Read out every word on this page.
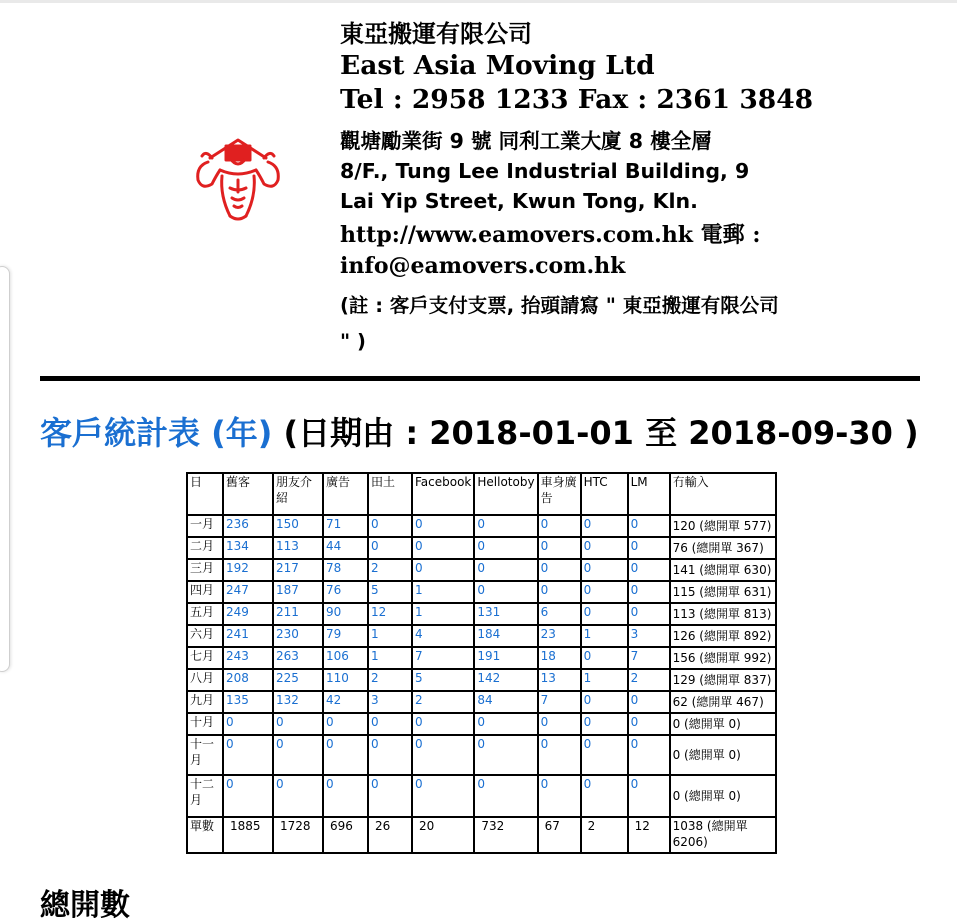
東亞搬運有限公司
East Asia Moving Ltd
Tel : 2958 1233 Fax : 2361 3848
觀塘勵業街 9 號 同利工業大廈 8 樓全層
8/F., Tung Lee Industrial Building, 9 Lai Yip Street, Kwun Tong, Kln.
http://www.eamovers.com.hk 電郵 : info@eamovers.com.hk
(註 : 客戶支付支票, 抬頭請寫 " 東亞搬運有限公司 " )
客戶統計表 (年) (日期由 : 2018-01-01 至 2018-09-30 )
日	舊客	朋友介紹	廣告	田土	Facebook	Hellotoby	車身廣告	HTC	LM	冇輸入
一月	236	150	71	0	0	0	0	0	0	120 (總開單 577)
二月	134	113	44	0	0	0	0	0	0	76 (總開單 367)
三月	192	217	78	2	0	0	0	0	0	141 (總開單 630)
四月	247	187	76	5	1	0	0	0	0	115 (總開單 631)
五月	249	211	90	12	1	131	6	0	0	113 (總開單 813)
六月	241	230	79	1	4	184	23	1	3	126 (總開單 892)
七月	243	263	106	1	7	191	18	0	7	156 (總開單 992)
八月	208	225	110	2	5	142	13	1	2	129 (總開單 837)
九月	135	132	42	3	2	84	7	0	0	62 (總開單 467)
十月	0	0	0	0	0	0	0	0	0	0 (總開單 0)
十一月	0	0	0	0	0	0	0	0	0	0 (總開單 0)
十二月	0	0	0	0	0	0	0	0	0	0 (總開單 0)
單數	1885	1728	696	26	20	732	67	2	12	1038 (總開單 6206)
總開數
